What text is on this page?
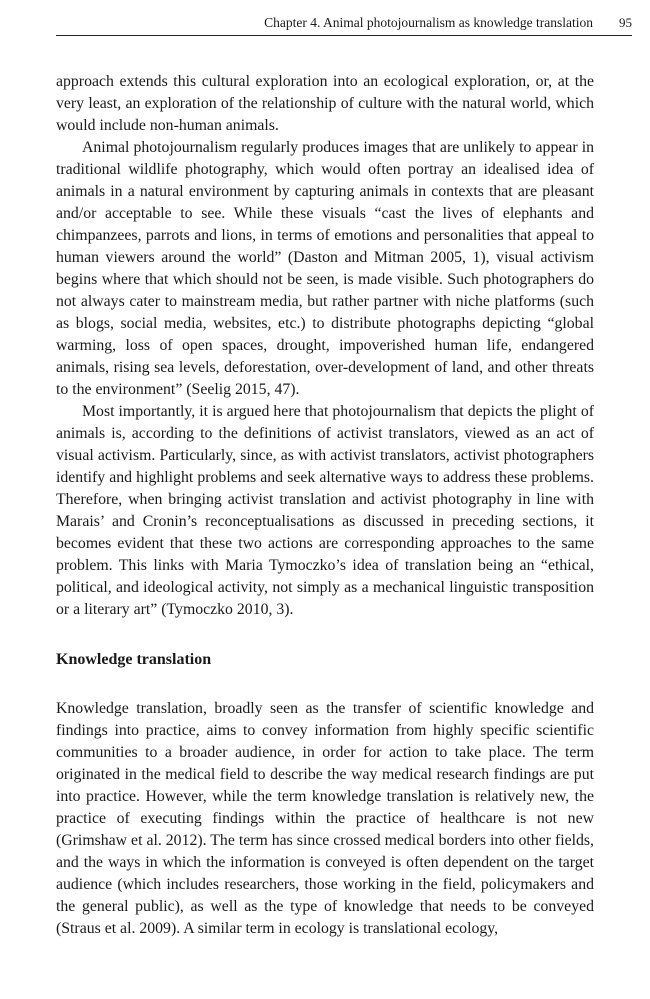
Chapter 4. Animal photojournalism as knowledge translation 95

approach extends this cultural exploration into an ecological exploration, or, at the very least, an exploration of the relationship of culture with the natural world, which would include non-human animals.

Animal photojournalism regularly produces images that are unlikely to appear in traditional wildlife photography, which would often portray an idealised idea of animals in a natural environment by capturing animals in contexts that are pleasant and/or acceptable to see. While these visuals “cast the lives of elephants and chimpanzees, parrots and lions, in terms of emotions and personalities that appeal to human viewers around the world” (Daston and Mitman 2005, 1), visual activism begins where that which should not be seen, is made visible. Such photographers do not always cater to mainstream media, but rather partner with niche platforms (such as blogs, social media, websites, etc.) to distribute photographs depicting “global warming, loss of open spaces, drought, impoverished human life, endangered animals, rising sea levels, deforestation, over-development of land, and other threats to the environment” (Seelig 2015, 47).

Most importantly, it is argued here that photojournalism that depicts the plight of animals is, according to the definitions of activist translators, viewed as an act of visual activism. Particularly, since, as with activist translators, activist photographers identify and highlight problems and seek alternative ways to address these problems. Therefore, when bringing activist translation and activist photography in line with Marais’ and Cronin’s reconceptualisations as discussed in preceding sections, it becomes evident that these two actions are corresponding approaches to the same problem. This links with Maria Tymoczko’s idea of translation being an “ethical, political, and ideological activity, not simply as a mechanical linguistic transposition or a literary art” (Tymoczko 2010, 3).

Knowledge translation

Knowledge translation, broadly seen as the transfer of scientific knowledge and findings into practice, aims to convey information from highly specific scientific communities to a broader audience, in order for action to take place. The term originated in the medical field to describe the way medical research findings are put into practice. However, while the term knowledge translation is relatively new, the practice of executing findings within the practice of healthcare is not new (Grimshaw et al. 2012). The term has since crossed medical borders into other fields, and the ways in which the information is conveyed is often dependent on the target audience (which includes researchers, those working in the field, policymakers and the general public), as well as the type of knowledge that needs to be conveyed (Straus et al. 2009). A similar term in ecology is translational ecology,
